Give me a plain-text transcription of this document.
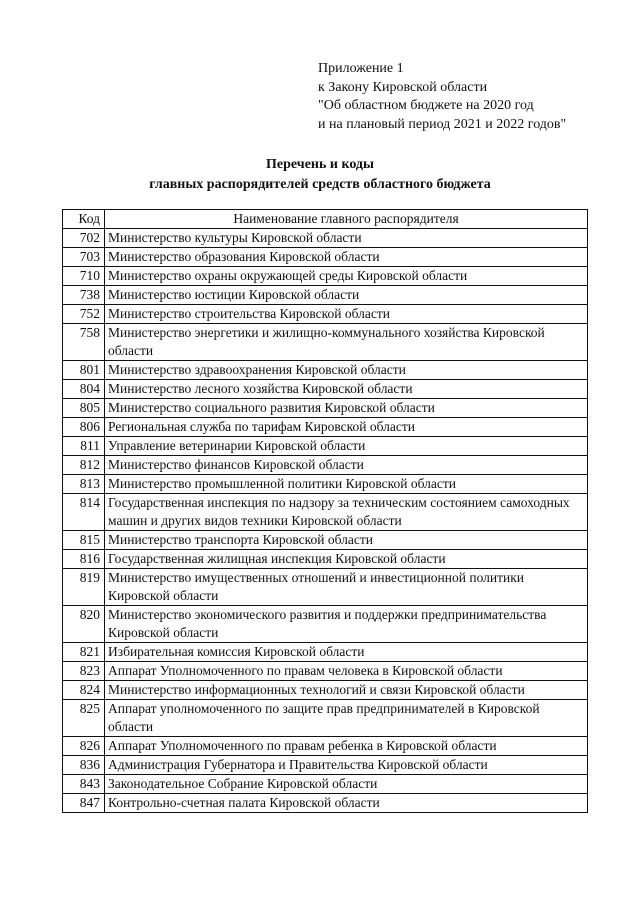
Приложение 1
к Закону Кировской области
"Об областном бюджете на 2020 год
и на плановый период 2021 и 2022 годов"
Перечень и коды
главных распорядителей средств областного бюджета
Код	Наименование главного распорядителя
702	Министерство культуры Кировской области
703	Министерство образования Кировской области
710	Министерство охраны окружающей среды Кировской области
738	Министерство юстиции Кировской области
752	Министерство строительства Кировской области
758	Министерство энергетики и жилищно-коммунального хозяйства Кировской области
801	Министерство здравоохранения Кировской области
804	Министерство лесного хозяйства Кировской области
805	Министерство социального развития Кировской области
806	Региональная служба по тарифам Кировской области
811	Управление ветеринарии Кировской области
812	Министерство финансов Кировской области
813	Министерство промышленной политики Кировской области
814	Государственная инспекция по надзору за техническим состоянием самоходных машин и других видов техники Кировской области
815	Министерство транспорта Кировской области
816	Государственная жилищная инспекция Кировской области
819	Министерство имущественных отношений и инвестиционной политики Кировской области
820	Министерство экономического развития и поддержки предпринимательства Кировской области
821	Избирательная комиссия Кировской области
823	Аппарат Уполномоченного по правам человека в Кировской области
824	Министерство информационных технологий и связи Кировской области
825	Аппарат уполномоченного по защите прав предпринимателей в Кировской области
826	Аппарат Уполномоченного по правам ребенка в Кировской области
836	Администрация Губернатора и Правительства Кировской области
843	Законодательное Собрание Кировской области
847	Контрольно-счетная палата Кировской области
